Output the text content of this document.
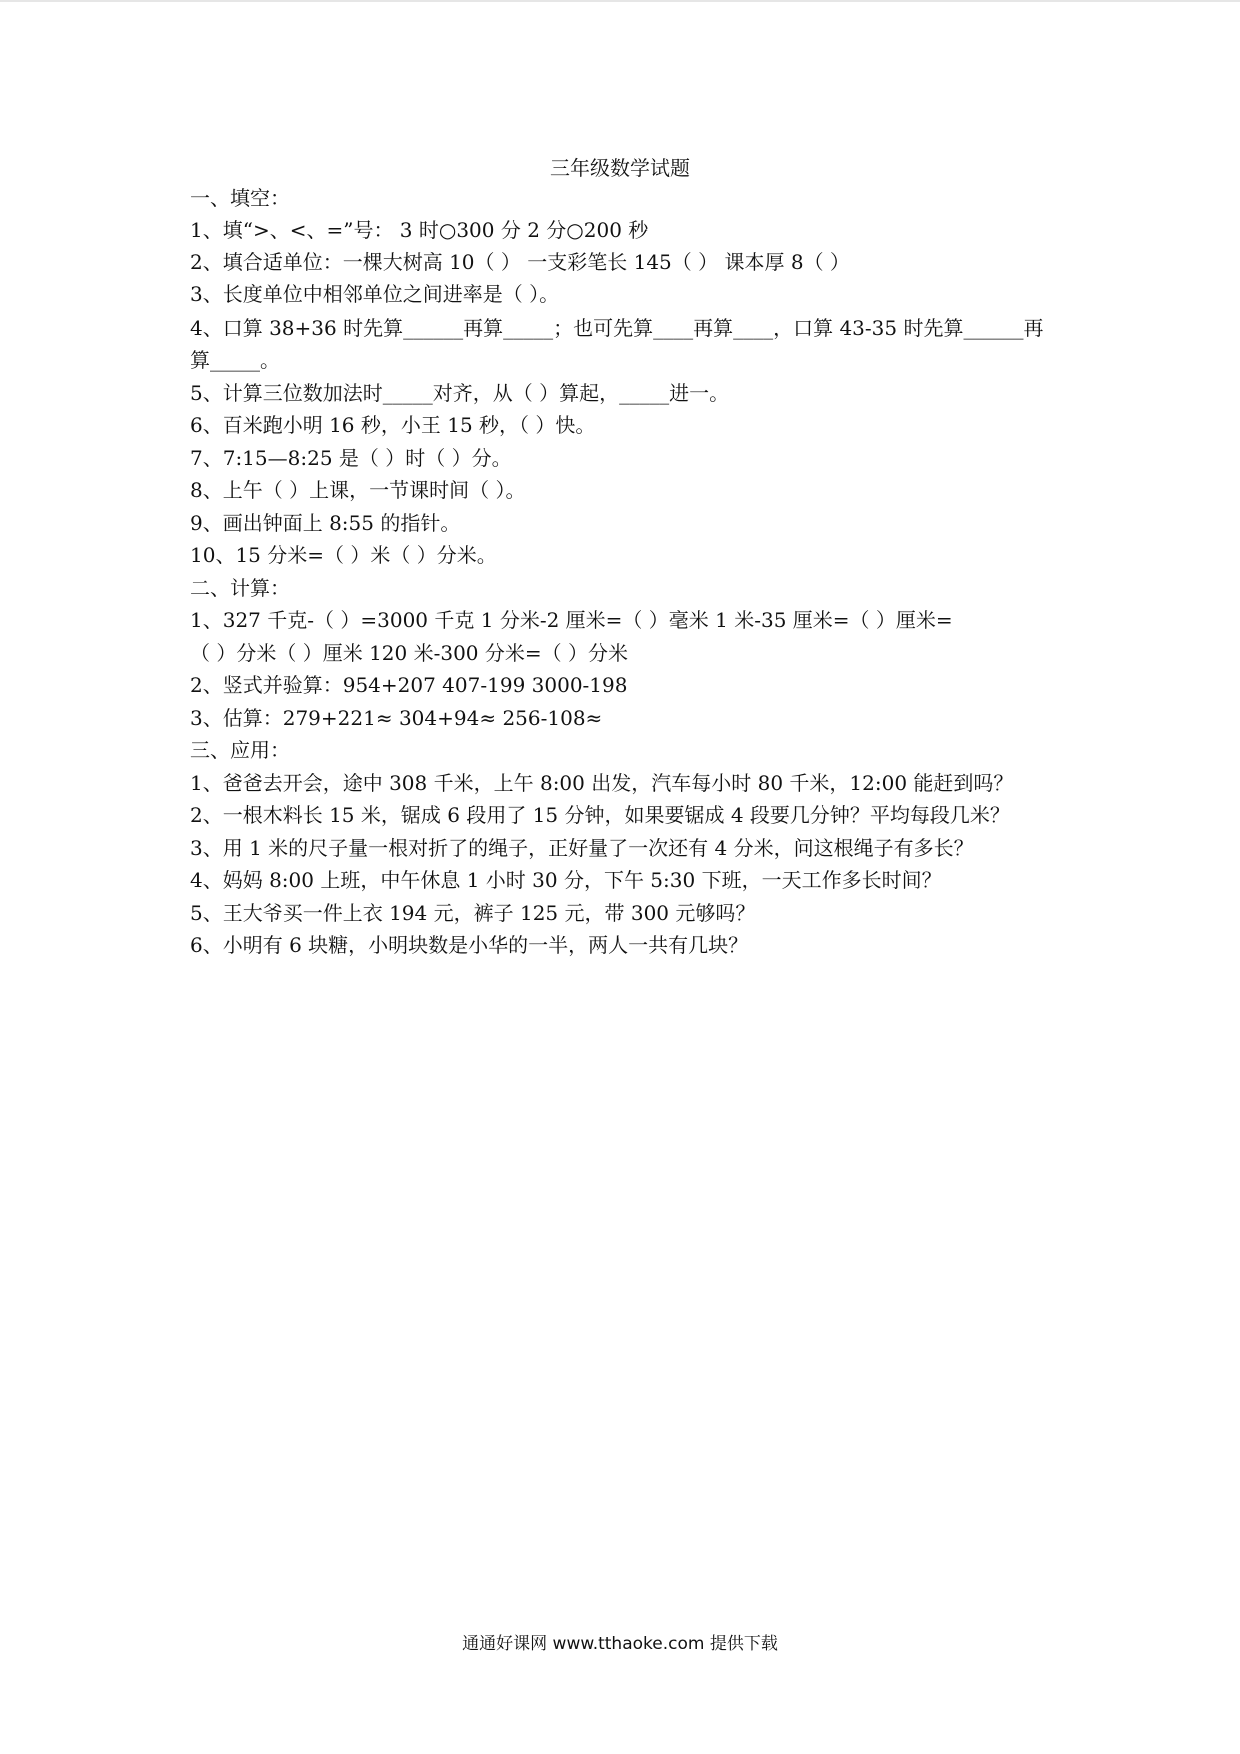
三年级数学试题
一、填空：
1、填“>、<、=”号： 3 时○300 分 2 分○200 秒
2、填合适单位：一棵大树高 10（ ） 一支彩笔长 145（ ） 课本厚 8（ ）
3、长度单位中相邻单位之间进率是（ ）。
4、口算 38+36 时先算______再算_____；也可先算____再算____，口算 43-35 时先算______再
算_____。
5、计算三位数加法时_____对齐，从（ ）算起，_____进一。
6、百米跑小明 16 秒，小王 15 秒，（ ）快。
7、7:15—8:25 是（ ）时（ ）分。
8、上午（ ）上课，一节课时间（ ）。
9、画出钟面上 8:55 的指针。
10、15 分米=（ ）米（ ）分米。
二、计算：
1、327 千克-（ ）=3000 千克 1 分米-2 厘米=（ ）毫米 1 米-35 厘米=（ ）厘米=
（ ）分米（ ）厘米 120 米-300 分米=（ ）分米
2、竖式并验算：954+207 407-199 3000-198
3、估算：279+221≈ 304+94≈ 256-108≈
三、应用：
1、爸爸去开会，途中 308 千米，上午 8:00 出发，汽车每小时 80 千米，12:00 能赶到吗？
2、一根木料长 15 米，锯成 6 段用了 15 分钟，如果要锯成 4 段要几分钟？平均每段几米？
3、用 1 米的尺子量一根对折了的绳子，正好量了一次还有 4 分米，问这根绳子有多长？
4、妈妈 8:00 上班，中午休息 1 小时 30 分，下午 5:30 下班，一天工作多长时间？
5、王大爷买一件上衣 194 元，裤子 125 元，带 300 元够吗？
6、小明有 6 块糖，小明块数是小华的一半，两人一共有几块？
通通好课网 www.tthaoke.com 提供下载
